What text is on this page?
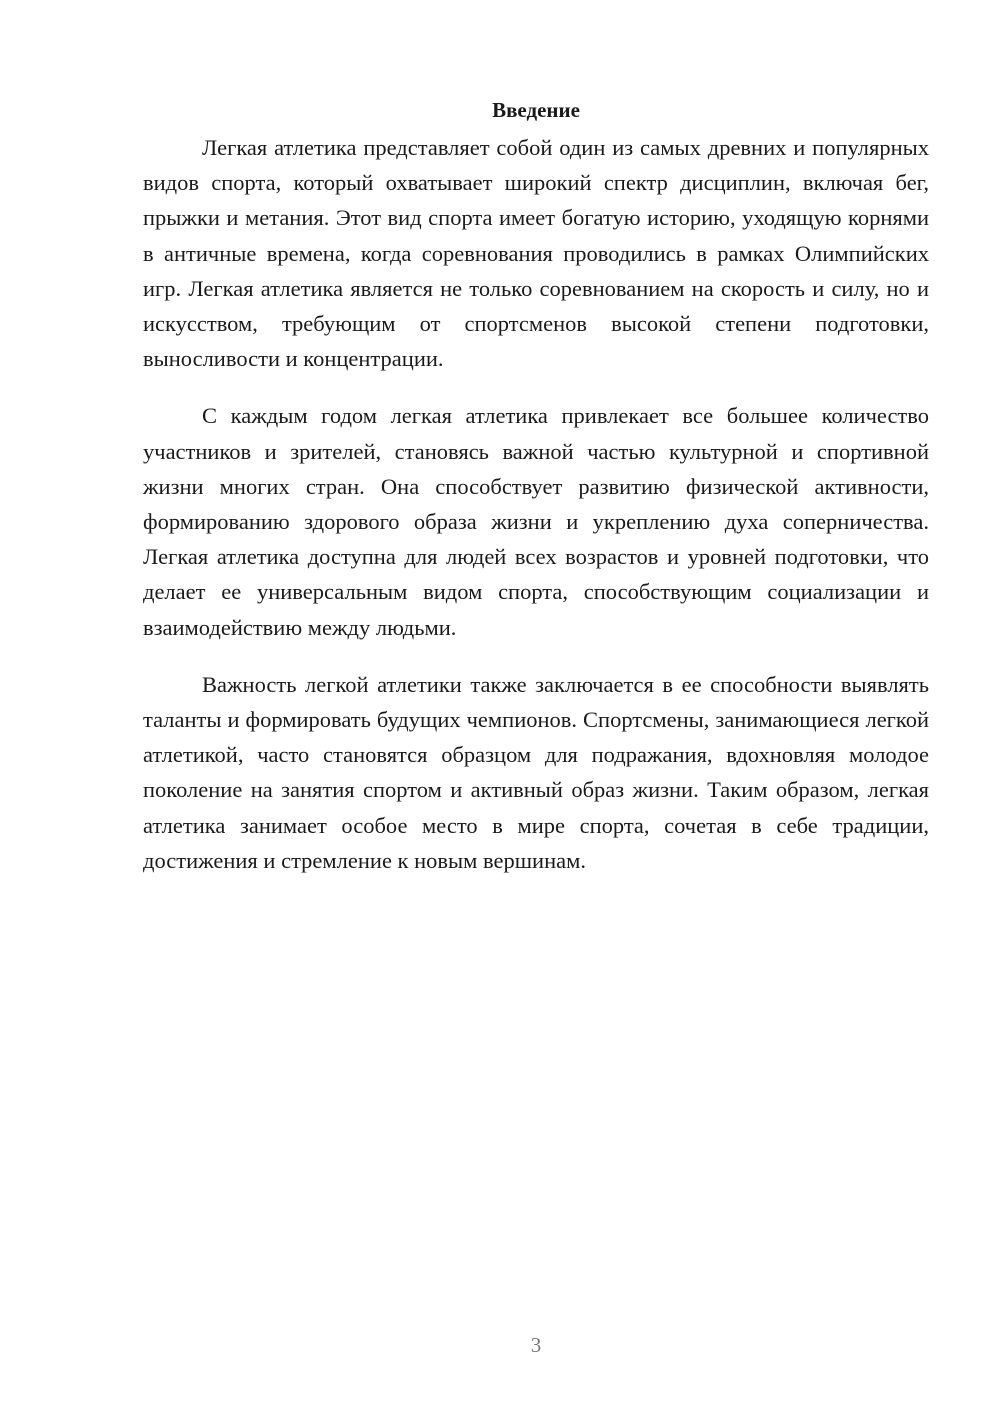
Введение

Легкая атлетика представляет собой один из самых древних и популярных видов спорта, который охватывает широкий спектр дисциплин, включая бег, прыжки и метания. Этот вид спорта имеет богатую историю, уходящую корнями в античные времена, когда соревнования проводились в рамках Олимпийских игр. Легкая атлетика является не только соревнованием на скорость и силу, но и искусством, требующим от спортсменов высокой степени подготовки, выносливости и концентрации.

С каждым годом легкая атлетика привлекает все большее количество участников и зрителей, становясь важной частью культурной и спортивной жизни многих стран. Она способствует развитию физической активности, формированию здорового образа жизни и укреплению духа соперничества. Легкая атлетика доступна для людей всех возрастов и уровней подготовки, что делает ее универсальным видом спорта, способствующим социализации и взаимодействию между людьми.

Важность легкой атлетики также заключается в ее способности выявлять таланты и формировать будущих чемпионов. Спортсмены, занимающиеся легкой атлетикой, часто становятся образцом для подражания, вдохновляя молодое поколение на занятия спортом и активный образ жизни. Таким образом, легкая атлетика занимает особое место в мире спорта, сочетая в себе традиции, достижения и стремление к новым вершинам.

3
